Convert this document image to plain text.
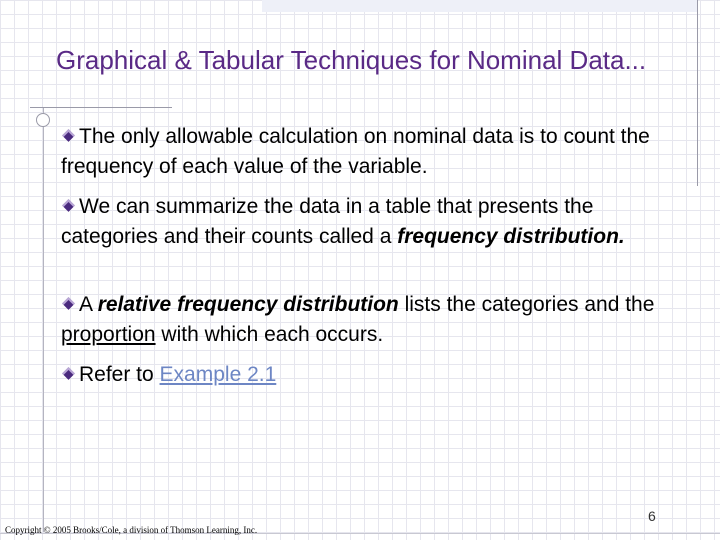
Graphical & Tabular Techniques for Nominal Data...

The only allowable calculation on nominal data is to count the frequency of each value of the variable.

We can summarize the data in a table that presents the categories and their counts called a frequency distribution.

A relative frequency distribution lists the categories and the proportion with which each occurs.

Refer to Example 2.1

6
Copyright © 2005 Brooks/Cole, a division of Thomson Learning, Inc.
